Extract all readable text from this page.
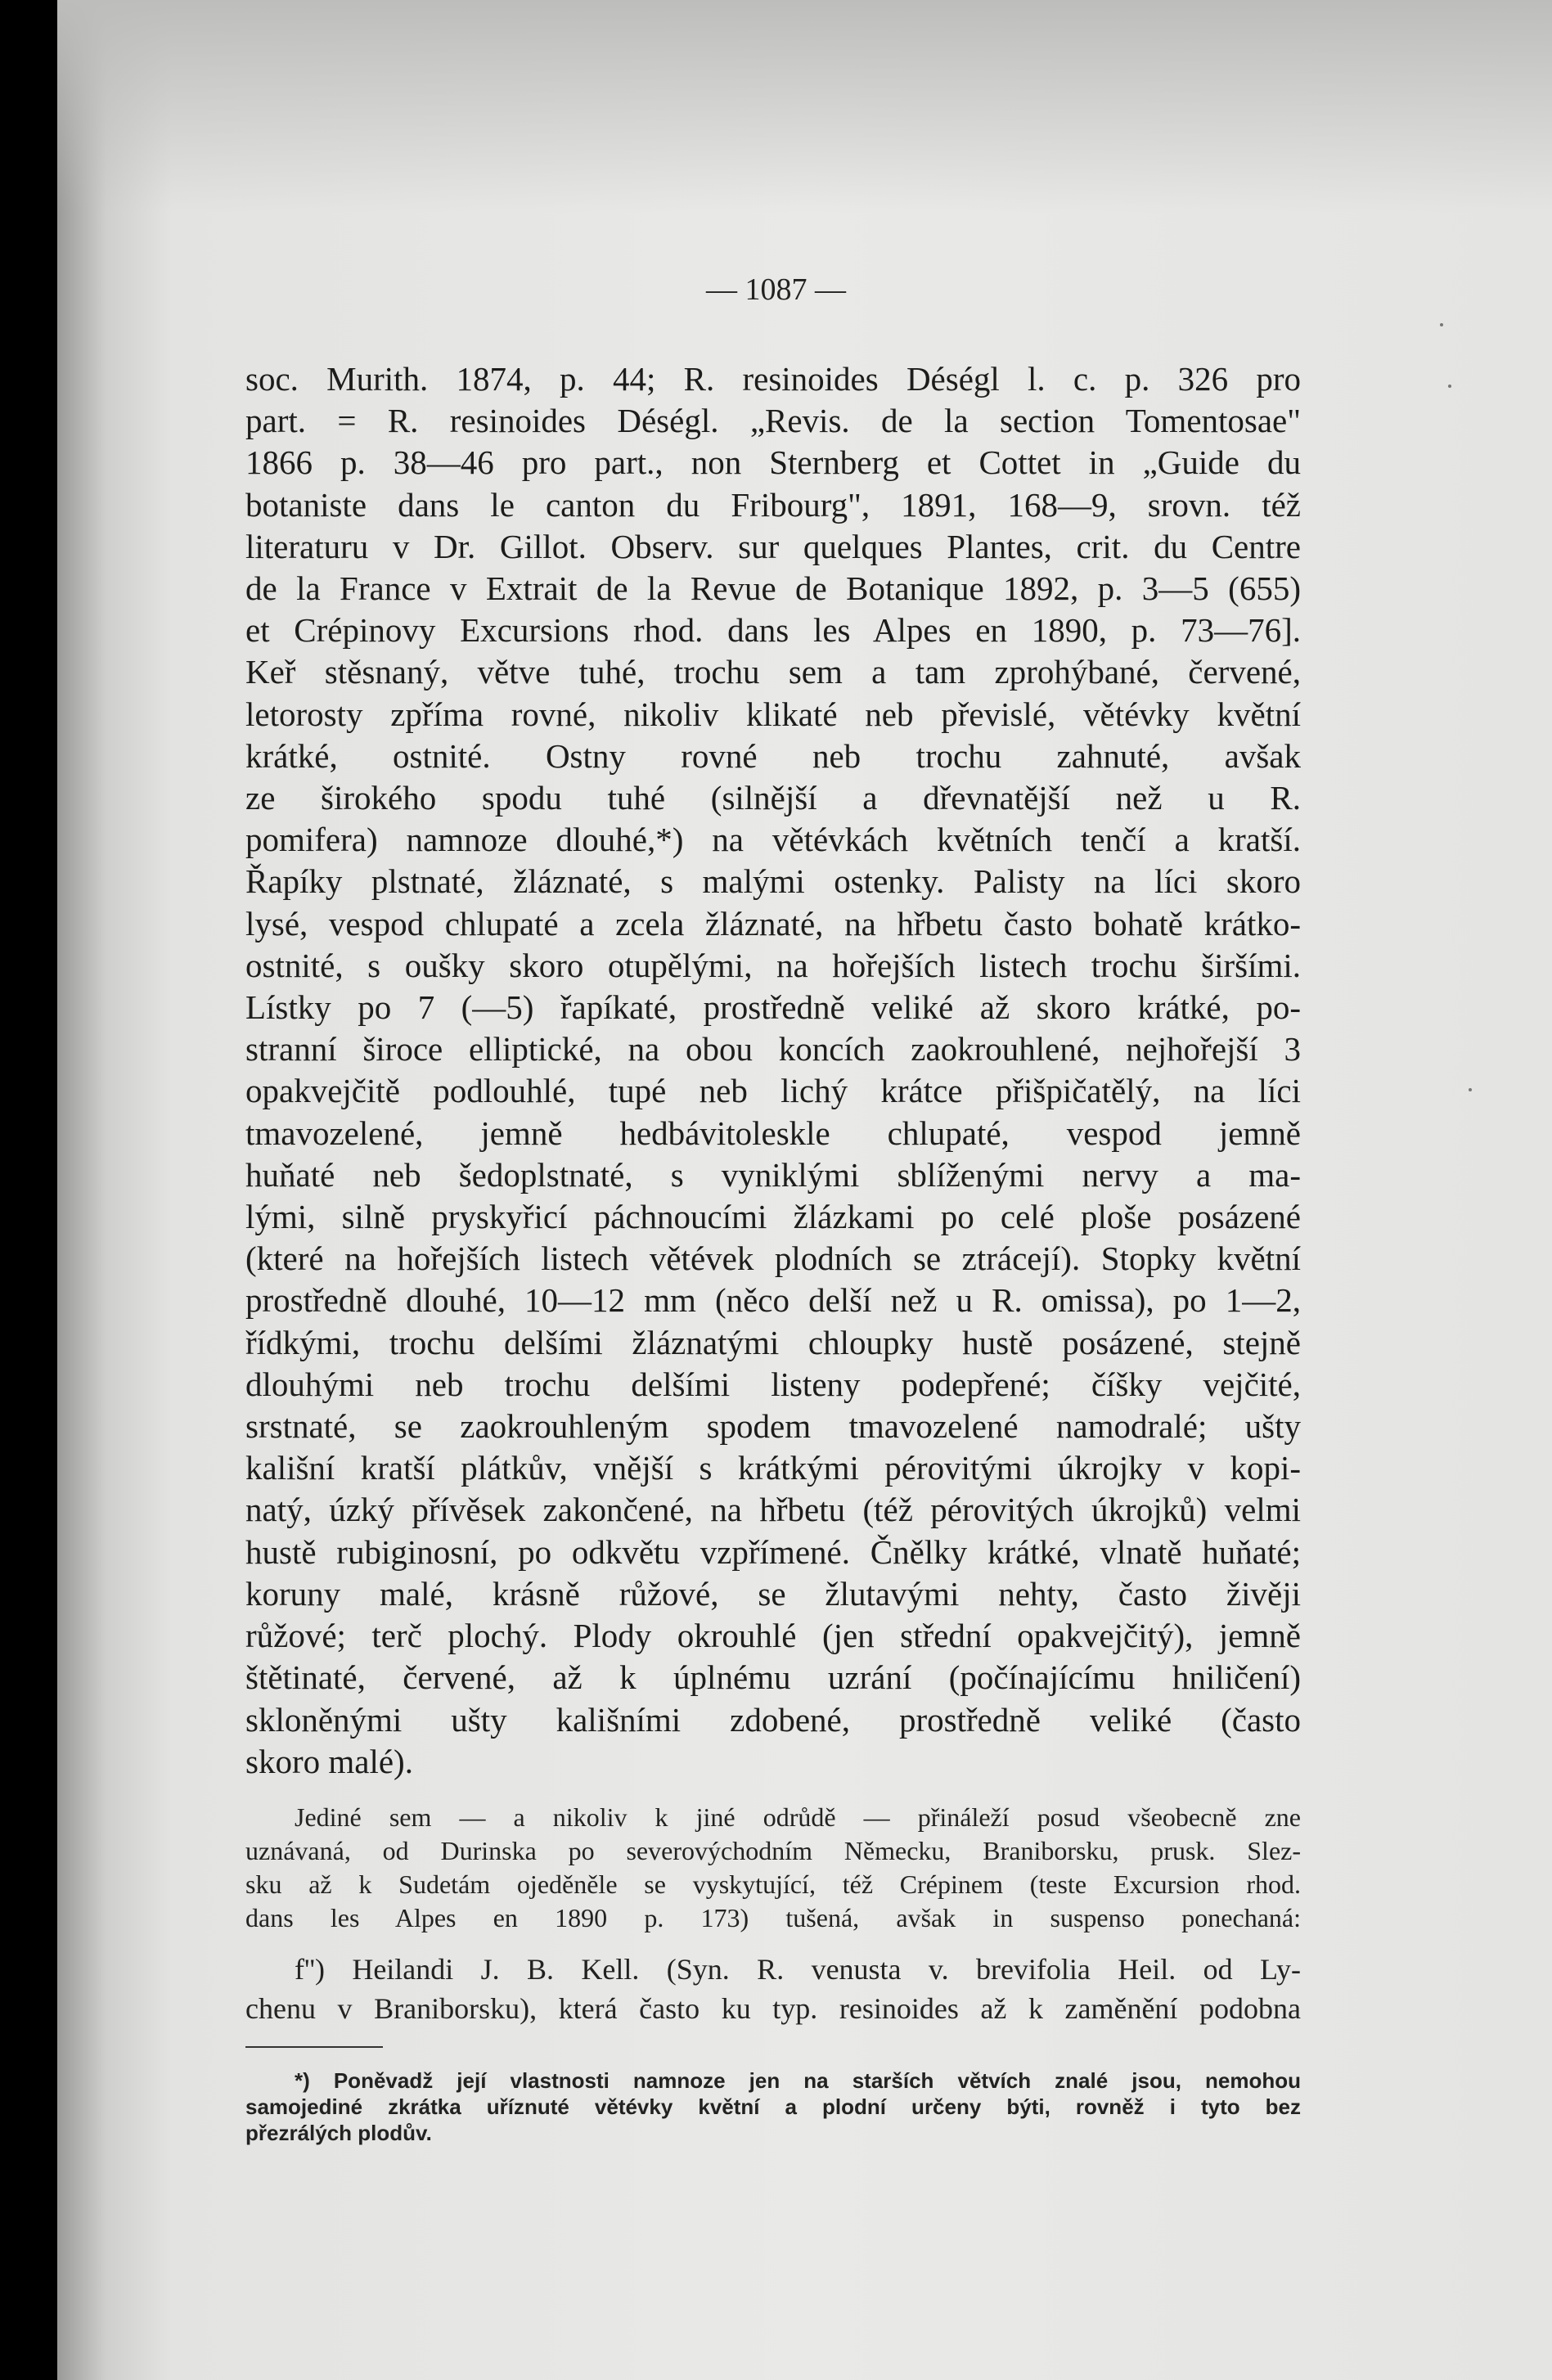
— 1087 —
soc. Murith. 1874, p. 44; R. resinoides Déségl l. c. p. 326 pro
part. = R. resinoides Déségl. „Revis. de la section Tomentosae"
1866 p. 38—46 pro part., non Sternberg et Cottet in „Guide du
botaniste dans le canton du Fribourg", 1891, 168—9, srovn. též
literaturu v Dr. Gillot. Observ. sur quelques Plantes, crit. du Centre
de la France v Extrait de la Revue de Botanique 1892, p. 3—5 (655)
et Crépinovy Excursions rhod. dans les Alpes en 1890, p. 73—76].
Keř stěsnaný, větve tuhé, trochu sem a tam zprohýbané, červené,
letorosty zpříma rovné, nikoliv klikaté neb převislé, větévky květní
krátké, ostnité. Ostny rovné neb trochu zahnuté, avšak
ze širokého spodu tuhé (silnější a dřevnatější než u R.
pomifera) namnoze dlouhé,*) na větévkách květních tenčí a kratší.
Řapíky plstnaté, žláznaté, s malými ostenky. Palisty na líci skoro
lysé, vespod chlupaté a zcela žláznaté, na hřbetu často bohatě krátko-
ostnité, s oušky skoro otupělými, na hořejších listech trochu širšími.
Lístky po 7 (—5) řapíkaté, prostředně veliké až skoro krátké, po-
stranní široce elliptické, na obou koncích zaokrouhlené, nejhořejší 3
opakvejčitě podlouhlé, tupé neb lichý krátce přišpičatělý, na líci
tmavozelené, jemně hedbávitoleskle chlupaté, vespod jemně
huňaté neb šedoplstnaté, s vyniklými sblíženými nervy a ma-
lými, silně pryskyřicí páchnoucími žlázkami po celé ploše posázené
(které na hořejších listech větévek plodních se ztrácejí). Stopky květní
prostředně dlouhé, 10—12 mm (něco delší než u R. omissa), po 1—2,
řídkými, trochu delšími žláznatými chloupky hustě posázené, stejně
dlouhými neb trochu delšími listeny podepřené; číšky vejčité,
srstnaté, se zaokrouhleným spodem tmavozelené namodralé; ušty
kališní kratší plátkův, vnější s krátkými pérovitými úkrojky v kopi-
natý, úzký přívěsek zakončené, na hřbetu (též pérovitých úkrojků) velmi
hustě rubiginosní, po odkvětu vzpřímené. Čnělky krátké, vlnatě huňaté;
koruny malé, krásně růžové, se žlutavými nehty, často živěji
růžové; terč plochý. Plody okrouhlé (jen střední opakvejčitý), jemně
štětinaté, červené, až k úplnému uzrání (počínajícímu hniličení)
skloněnými ušty kališními zdobené, prostředně veliké (často
skoro malé).
Jediné sem — a nikoliv k jiné odrůdě — přináleží posud všeobecně zne
uznávaná, od Durinska po severovýchodním Německu, Braniborsku, prusk. Slez-
sku až k Sudetám ojeděněle se vyskytující, též Crépinem (teste Excursion rhod.
dans les Alpes en 1890 p. 173) tušená, avšak in suspenso ponechaná:
f'') Heilandi J. B. Kell. (Syn. R. venusta v. brevifolia Heil. od Ly-
chenu v Braniborsku), která často ku typ. resinoides až k zaměnění podobna
*) Poněvadž její vlastnosti namnoze jen na starších větvích znalé jsou, nemohou
samojediné zkrátka uříznuté větévky květní a plodní určeny býti, rovněž i tyto bez
přezrálých plodův.
